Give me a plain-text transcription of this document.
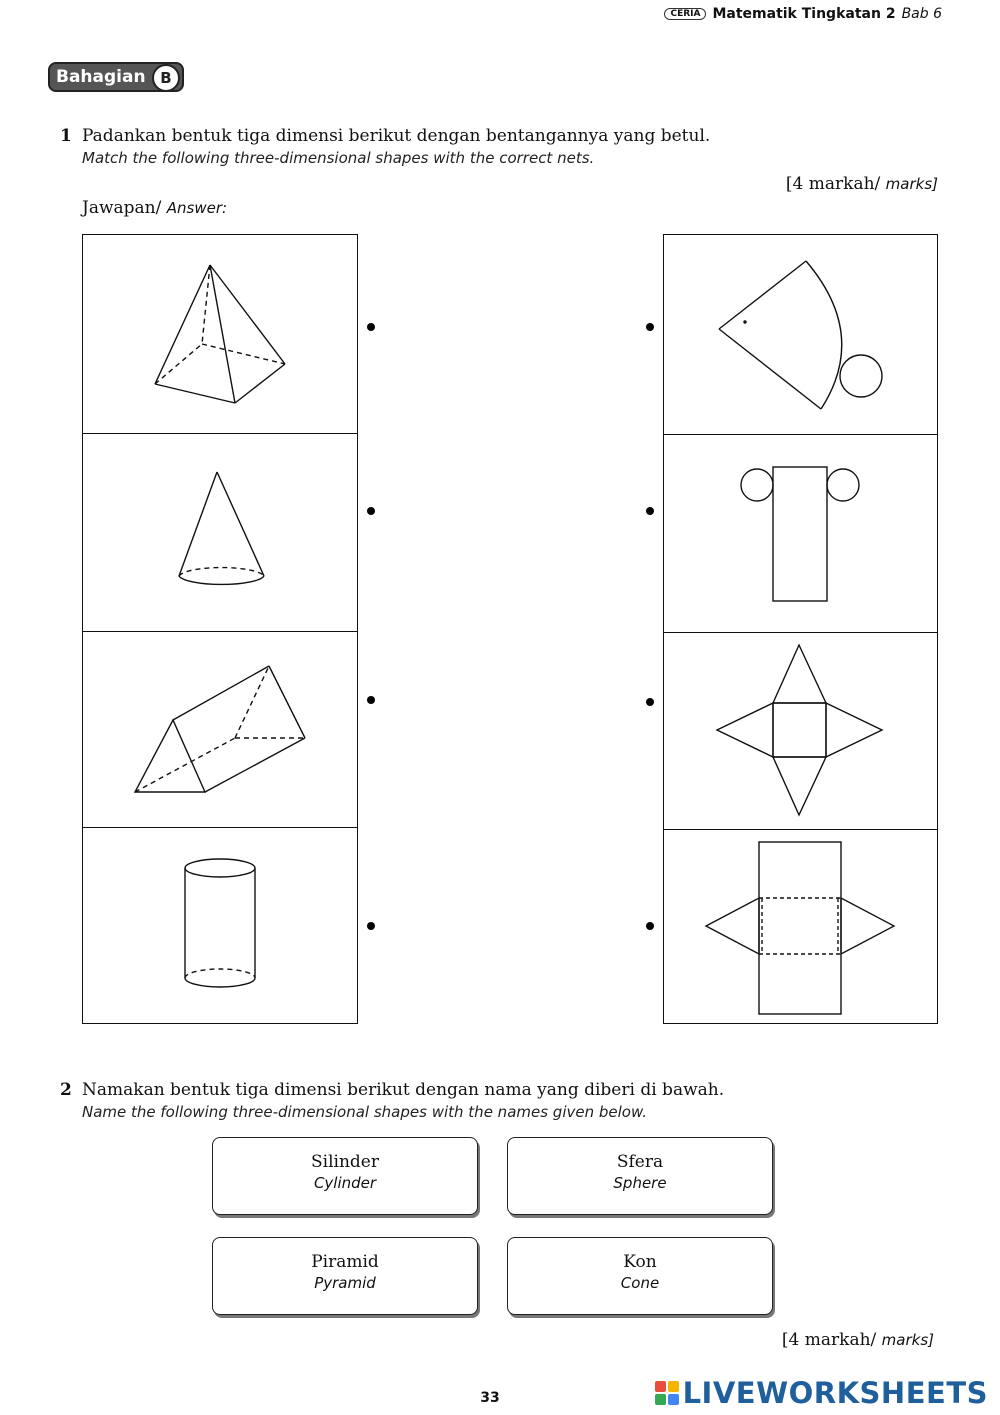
CERIA Matematik Tingkatan 2 Bab 6
Bahagian B
1 Padankan bentuk tiga dimensi berikut dengan bentangannya yang betul.
Match the following three-dimensional shapes with the correct nets.
[4 markah/ marks]
Jawapan/ Answer:
2 Namakan bentuk tiga dimensi berikut dengan nama yang diberi di bawah.
Name the following three-dimensional shapes with the names given below.
Silinder
Cylinder
Sfera
Sphere
Piramid
Pyramid
Kon
Cone
[4 markah/ marks]
33	LIVEWORKSHEETS
